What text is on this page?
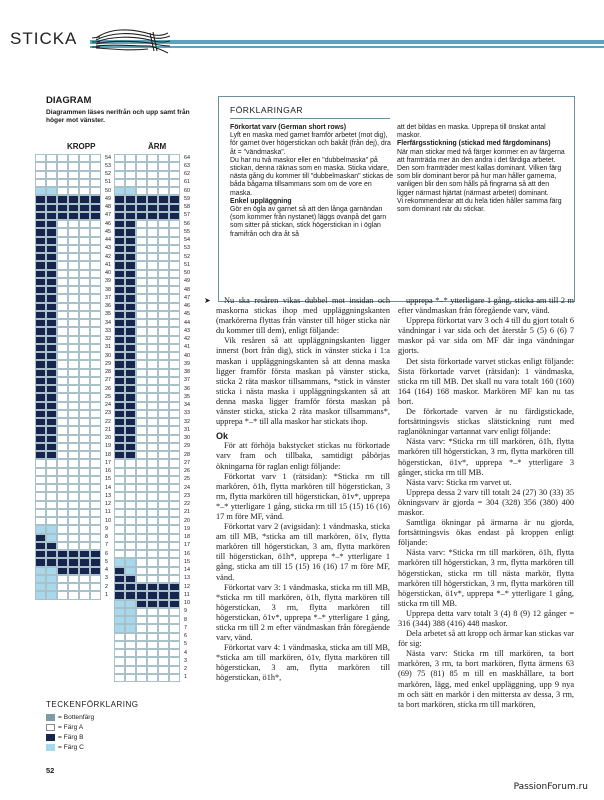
STICKA
DIAGRAM
Diagrammen läses nerifrån och upp samt från höger mot vänster.
KROPP	ÄRM
54
53
52
51
50
49
48
47
46
45
44
43
42
41
40
39
38
37
36
35
34
33
32
31
30
29
28
27
26
25
24
23
22
21
20
19
18
17
16
15
14
13
12
11
10
9
8
7
6
5
4
3
2
1
64
63
62
61
60
59
58
57
56
55
54
53
52
51
50
49
48
47
46
45
44
43
42
41
40
39
38
37
36
35
34
33
32
31
30
29
28
27
26
25
24
23
22
21
20
19
18
17
16
15
14
13
12
11
10
9
8
7
6
5
4
3
2
1
TECKENFÖRKLARING
= Bottenfärg
= Färg A
= Färg B
= Färg C
52
PassionForum.ru
FÖRKLARINGAR

Förkortat varv (German short rows)

Lyft en maska med garnet framför arbetet (mot dig), för garnet över högerstickan och bakåt (från dej), dra åt = "vändmaska".

Du har nu två maskor eller en "dubbelmaska" på stickan, denna räknas som en maska. Sticka vidare, nästa gång du kommer till "dubbelmaskan" stickas de båda bågarna tillsammans som om de vore en maska.

Enkel uppläggning

Gör en ögla av garnet så att den långa garnändan (som kommer från nystanet) läggs ovanpå det garn som sitter på stickan, stick högerstickan in i öglan framifrån och dra åt så

att det bildas en maska. Upprepa till önskat antal maskor.

Flerfärgsstickning (stickad med färgdominans)

När man stickar med två färger kommer en av färgerna att framträda mer än den andra i det färdiga arbetet. Den som framträder mest kallas dominant. Vilken färg som blir dominant beror på hur man håller garnerna, vanligen blir den som hålls på fingrarna så att den ligger närmast hjärtat (närmast arbetet) dominant.

Vi rekommenderar att du hela tiden håller samma färg som dominant när du stickar.

➤	Nu ska resåren vikas dubbel mot insidan och maskorna stickas ihop med uppläggningskanten (markörerna flyttas från vänster till höger sticka när du kommer till dem), enligt följande:

Vik resåren så att uppläggningskanten ligger innerst (bort från dig), stick in vänster sticka i 1:a maskan i uppläggningskanten så att denna maska ligger framför första maskan på vänster sticka, sticka 2 räta maskor tillsammans, *stick in vänster sticka i nästa maska i uppläggningskanten så att denna maska ligger framför första maskan på vänster sticka, sticka 2 räta maskor tillsammans*, upprepa *–* till alla maskor har stickats ihop.

Ok

För att förhöja bakstycket stickas nu förkortade varv fram och tillbaka, samtidigt påbörjas ökningarna för raglan enligt följande:

Förkortat varv 1 (rätsidan): *Sticka rm till markören, ö1h, flytta markören till högerstickan, 3 rm, flytta markören till högerstickan, ö1v*, upprepa *–* ytterligare 1 gång, sticka rm till 15 (15) 16 (16) 17 m före MF, vänd.

Förkortat varv 2 (avigsidan): 1 vändmaska, sticka am till MB, *sticka am till markören, ö1v, flytta markören till högerstickan, 3 am, flytta markören till högerstickan, ö1h*, upprepa *–* ytterligare 1 gång, sticka am till 15 (15) 16 (16) 17 m före MF, vänd.

Förkortat varv 3: 1 vändmaska, sticka rm till MB, *sticka rm till markören, ö1h, flytta markören till högerstickan, 3 rm, flytta markören till högerstickan, ö1v*, upprepa *–* ytterligare 1 gång, sticka rm till 2 m efter vändmaskan från föregående varv, vänd.

Förkortat varv 4: 1 vändmaska, sticka am till MB, *sticka am till markören, ö1v, flytta markören till högerstickan, 3 am, flytta markören till högerstickan, ö1h*,

upprepa *–* ytterligare 1 gång, sticka am till 2 m efter vändmaskan från föregående varv, vänd.

Upprepa förkortat varv 3 och 4 till du gjort totalt 6 vändningar i var sida och det återstår 5 (5) 6 (6) 7 maskor på var sida om MF där inga vändningar gjorts.

Det sista förkortade varvet stickas enligt följande: Sista förkortade varvet (rätsidan): 1 vändmaska, sticka rm till MB. Det skall nu vara totalt 160 (160) 164 (164) 168 maskor. Markören MF kan nu tas bort.

De förkortade varven är nu färdigstickade, fortsättningsvis stickas slätstickning runt med raglanökningar vartannat varv enligt följande:

Nästa varv: *Sticka rm till markören, ö1h, flytta markören till högerstickan, 3 rm, flytta markören till högerstickan, ö1v*, upprepa *–* ytterligare 3 gånger, sticka rm till MB.

Nästa varv: Sticka rm varvet ut.

Upprepa dessa 2 varv till totalt 24 (27) 30 (33) 35 ökningsvarv är gjorda = 304 (328) 356 (380) 400 maskor.

Samtliga ökningar på ärmarna är nu gjorda, fortsättningsvis ökas endast på kroppen enligt följande:

Nästa varv: *Sticka rm till markören, ö1h, flytta markören till högerstickan, 3 rm, flytta markören till högerstickan, sticka rm till nästa markör, flytta markören till högerstickan, 3 rm, flytta markören till högerstickan, ö1v*, upprepa *–* ytterligare 1 gång, sticka rm till MB.

Upprepa detta varv totalt 3 (4) 8 (9) 12 gånger = 316 (344) 388 (416) 448 maskor.

Dela arbetet så att kropp och ärmar kan stickas var för sig:

Nästa varv: Sticka rm till markören, ta bort markören, 3 rm, ta bort markören, flytta ärmens 63 (69) 75 (81) 85 m till en maskhållare, ta bort markören, lägg, med enkel uppläggning, upp 9 nya m och sätt en markör i den mittersta av dessa, 3 rm, ta bort markören, sticka rm till markören,
